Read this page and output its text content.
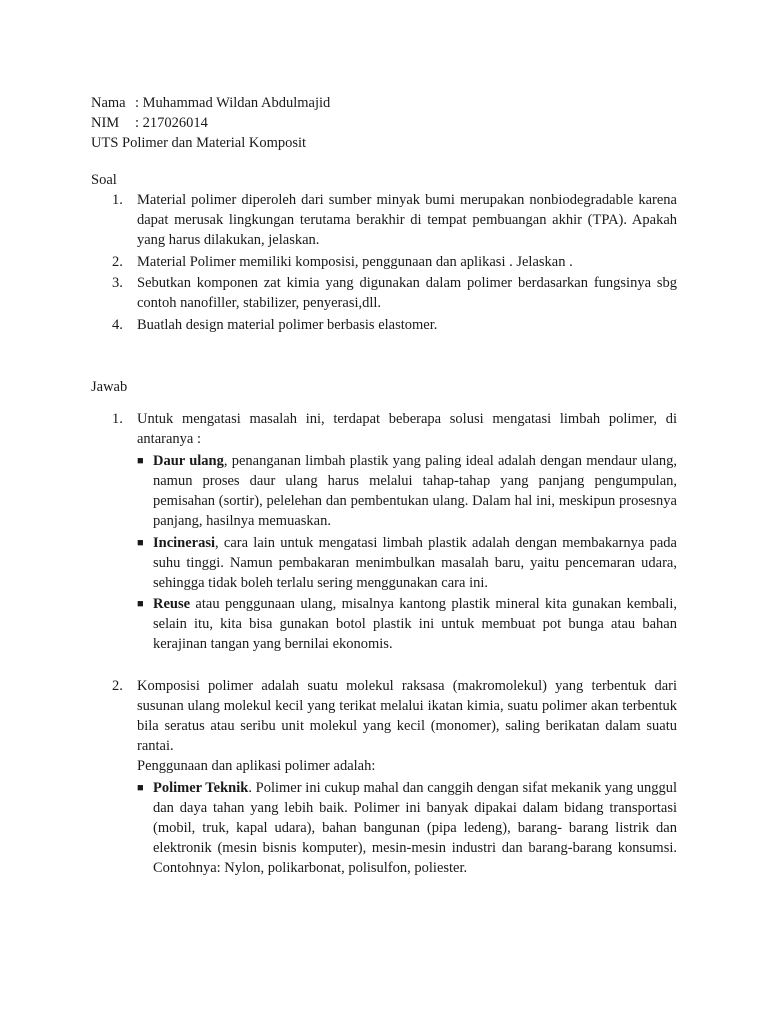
Nama : Muhammad Wildan Abdulmajid
NIM : 217026014
UTS Polimer dan Material Komposit
Soal
1. Material polimer diperoleh dari sumber minyak bumi merupakan nonbiodegradable karena dapat merusak lingkungan terutama berakhir di tempat pembuangan akhir (TPA). Apakah yang harus dilakukan, jelaskan.
2. Material Polimer memiliki komposisi, penggunaan dan aplikasi . Jelaskan .
3. Sebutkan komponen zat kimia yang digunakan dalam polimer berdasarkan fungsinya sbg contoh nanofiller, stabilizer, penyerasi,dll.
4. Buatlah design material polimer berbasis elastomer.
Jawab
1. Untuk mengatasi masalah ini, terdapat beberapa solusi mengatasi limbah polimer, di antaranya :
■ Daur ulang, penanganan limbah plastik yang paling ideal adalah dengan mendaur ulang, namun proses daur ulang harus melalui tahap-tahap yang panjang pengumpulan, pemisahan (sortir), pelelehan dan pembentukan ulang. Dalam hal ini, meskipun prosesnya panjang, hasilnya memuaskan.
■ Incinerasi, cara lain untuk mengatasi limbah plastik adalah dengan membakarnya pada suhu tinggi. Namun pembakaran menimbulkan masalah baru, yaitu pencemaran udara, sehingga tidak boleh terlalu sering menggunakan cara ini.
■ Reuse atau penggunaan ulang, misalnya kantong plastik mineral kita gunakan kembali, selain itu, kita bisa gunakan botol plastik ini untuk membuat pot bunga atau bahan kerajinan tangan yang bernilai ekonomis.
2. Komposisi polimer adalah suatu molekul raksasa (makromolekul) yang terbentuk dari susunan ulang molekul kecil yang terikat melalui ikatan kimia, suatu polimer akan terbentuk bila seratus atau seribu unit molekul yang kecil (monomer), saling berikatan dalam suatu rantai.
Penggunaan dan aplikasi polimer adalah:
■ Polimer Teknik. Polimer ini cukup mahal dan canggih dengan sifat mekanik yang unggul dan daya tahan yang lebih baik. Polimer ini banyak dipakai dalam bidang transportasi (mobil, truk, kapal udara), bahan bangunan (pipa ledeng), barang- barang listrik dan elektronik (mesin bisnis komputer), mesin-mesin industri dan barang-barang konsumsi. Contohnya: Nylon, polikarbonat, polisulfon, poliester.
